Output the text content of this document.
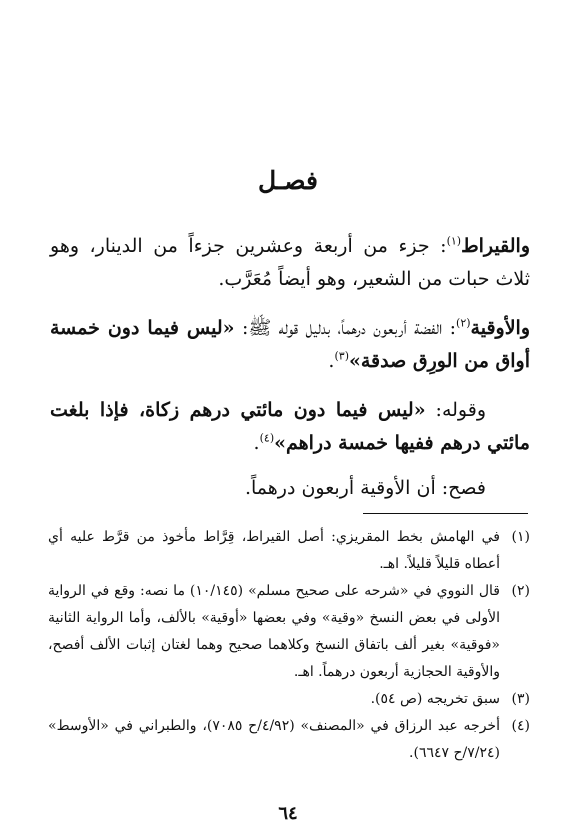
فصـل

والقيراط$^{(١)}$: جزء من أربعة وعشرين جزءاً من الدينار، وهو ثلاث حبات من الشعير، وهو أيضاً مُعَرَّب.

والأوقية$^{(٢)}$: الفضة أربعون درهماً، بدليل قوله ﷺ: «ليس فيما دون خمسة أواق من الورِق صدقة»$^{(٣)}$.

وقوله: «ليس فيما دون مائتي درهم زكاة، فإذا بلغت مائتي درهم ففيها خمسة دراهم»$^{(٤)}$.

فصح: أن الأوقية أربعون درهماً.

(١)
في الهامش بخط المقريزي: أصل القيراط، قِرَّاط مأخوذ من قرَّط عليه أي أعطاه قليلاً قليلاً. اهـ.
(٢)
قال النووي في «شرحه على صحيح مسلم» (١٠/١٤٥) ما نصه: وقع في الرواية الأولى في بعض النسخ «وقية» وفي بعضها «أوقية» بالألف، وأما الرواية الثانية «فوقية» بغير ألف باتفاق النسخ وكلاهما صحيح وهما لغتان إثبات الألف أفصح، والأوقية الحجازية أربعون درهماً. اهـ.
(٣)
سبق تخريجه (ص ٥٤).
(٤)
أخرجه عبد الرزاق في «المصنف» (٤/٩٢/ح ٧٠٨٥)، والطبراني في «الأوسط» (٧/٢٤/ح ٦٦٤٧).
٦٤
